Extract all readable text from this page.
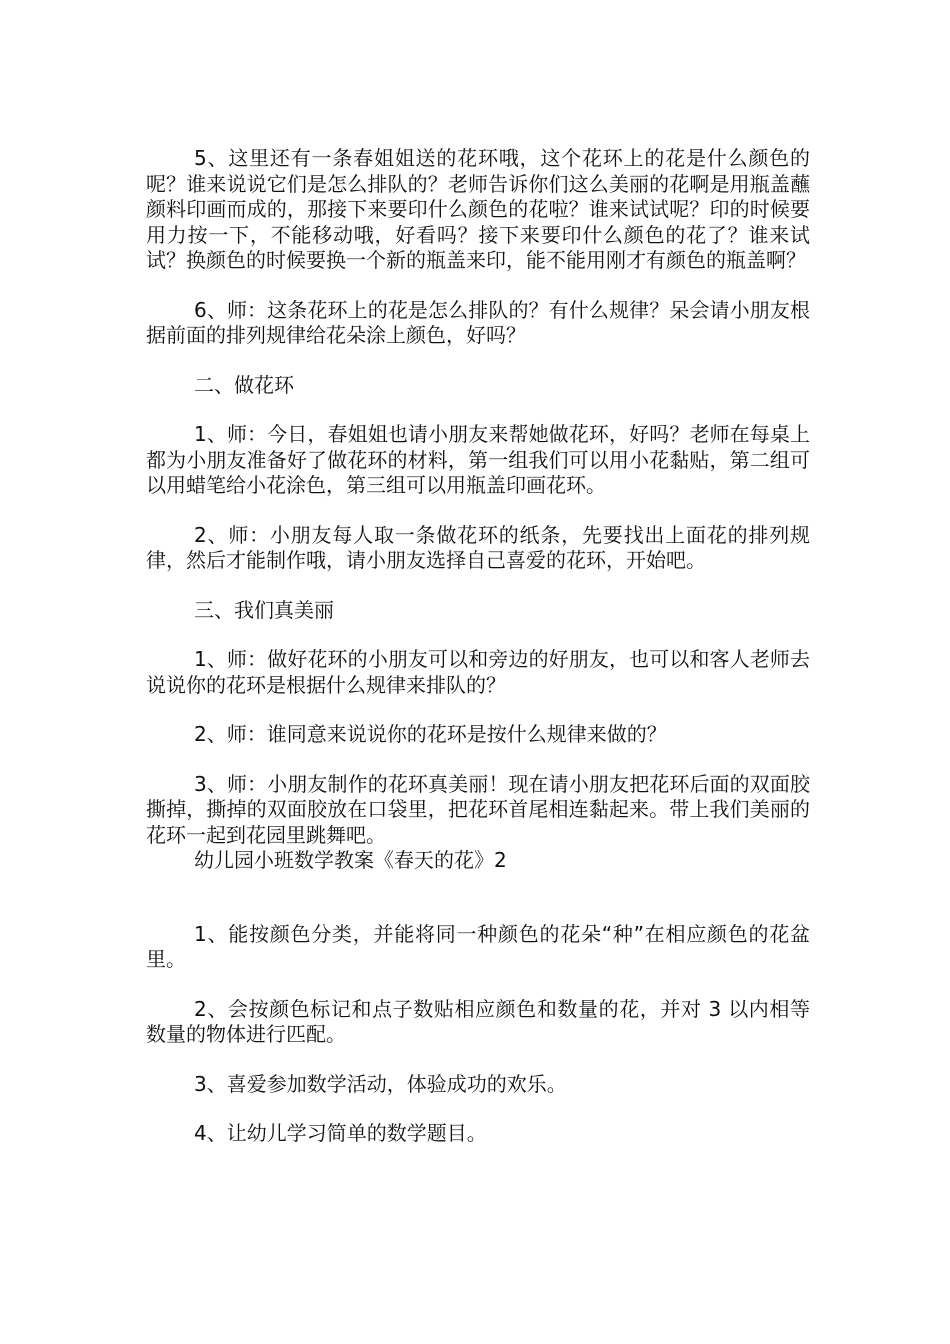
5、这里还有一条春姐姐送的花环哦，这个花环上的花是什么颜色的呢？谁来说说它们是怎么排队的？老师告诉你们这么美丽的花啊是用瓶盖蘸颜料印画而成的，那接下来要印什么颜色的花啦？谁来试试呢？印的时候要用力按一下，不能移动哦，好看吗？接下来要印什么颜色的花了？谁来试试？换颜色的时候要换一个新的瓶盖来印，能不能用刚才有颜色的瓶盖啊？

6、师：这条花环上的花是怎么排队的？有什么规律？呆会请小朋友根据前面的排列规律给花朵涂上颜色，好吗？

二、做花环

1、师：今日，春姐姐也请小朋友来帮她做花环，好吗？老师在每桌上都为小朋友准备好了做花环的材料，第一组我们可以用小花黏贴，第二组可以用蜡笔给小花涂色，第三组可以用瓶盖印画花环。

2、师：小朋友每人取一条做花环的纸条，先要找出上面花的排列规律，然后才能制作哦，请小朋友选择自己喜爱的花环，开始吧。

三、我们真美丽

1、师：做好花环的小朋友可以和旁边的好朋友，也可以和客人老师去说说你的花环是根据什么规律来排队的？

2、师：谁同意来说说你的花环是按什么规律来做的？

3、师：小朋友制作的花环真美丽！现在请小朋友把花环后面的双面胶撕掉，撕掉的双面胶放在口袋里，把花环首尾相连黏起来。带上我们美丽的花环一起到花园里跳舞吧。

幼儿园小班数学教案《春天的花》2

1、能按颜色分类，并能将同一种颜色的花朵“种”在相应颜色的花盆里。

2、会按颜色标记和点子数贴相应颜色和数量的花，并对 3 以内相等数量的物体进行匹配。

3、喜爱参加数学活动，体验成功的欢乐。

4、让幼儿学习简单的数学题目。
